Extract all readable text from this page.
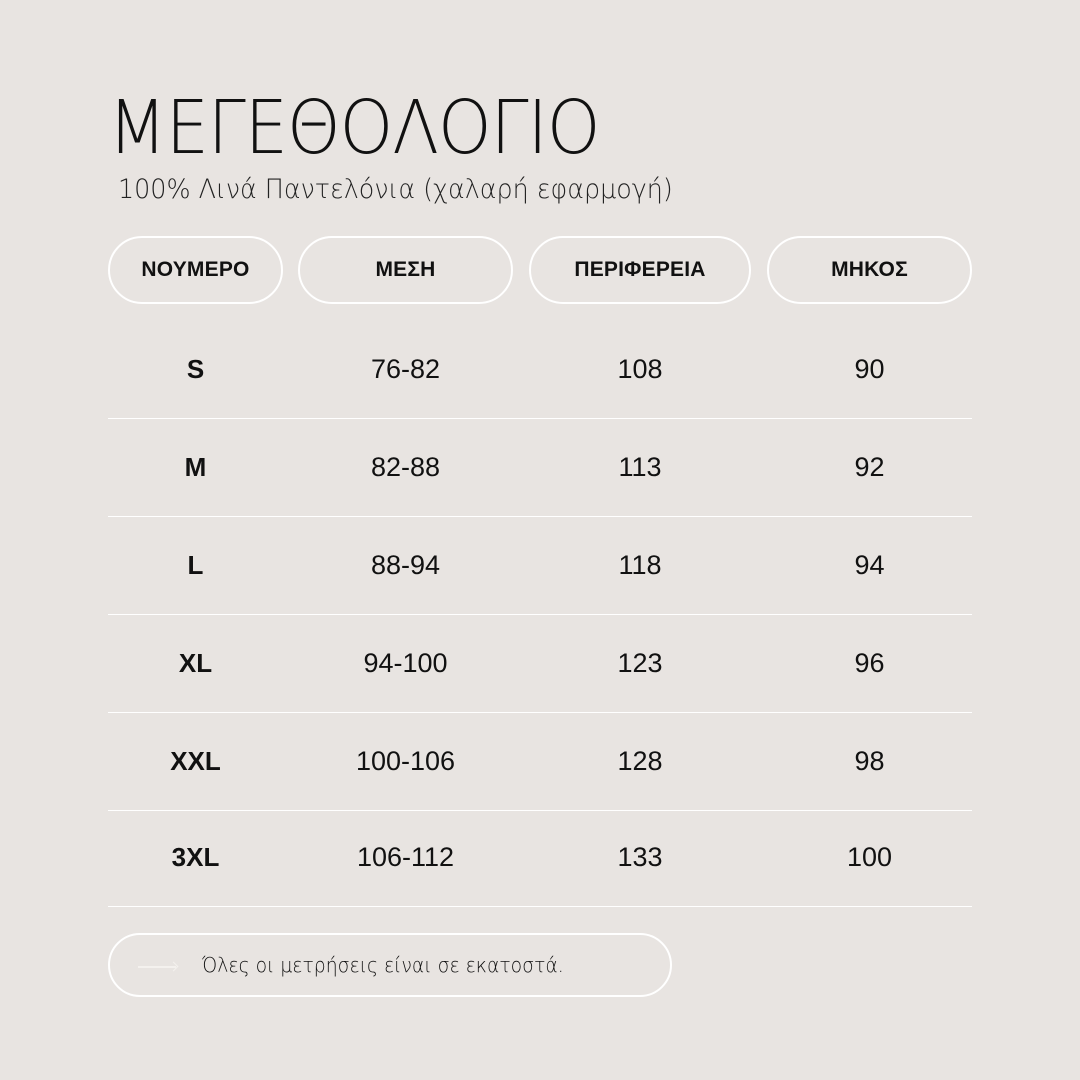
ΜΕΓΕΘΟΛΟΓΙΟ
100% Λινά Παντελόνια (χαλαρή εφαρμογή)
ΝΟΥΜΕΡΟ	ΜΕΣΗ	ΠΕΡΙΦΕΡΕΙΑ	ΜΗΚΟΣ
S	76-82	108	90
M	82-88	113	92
L	88-94	118	94
XL	94-100	123	96
XXL	100-106	128	98
3XL	106-112	133	100
Όλες οι μετρήσεις είναι σε εκατοστά.
